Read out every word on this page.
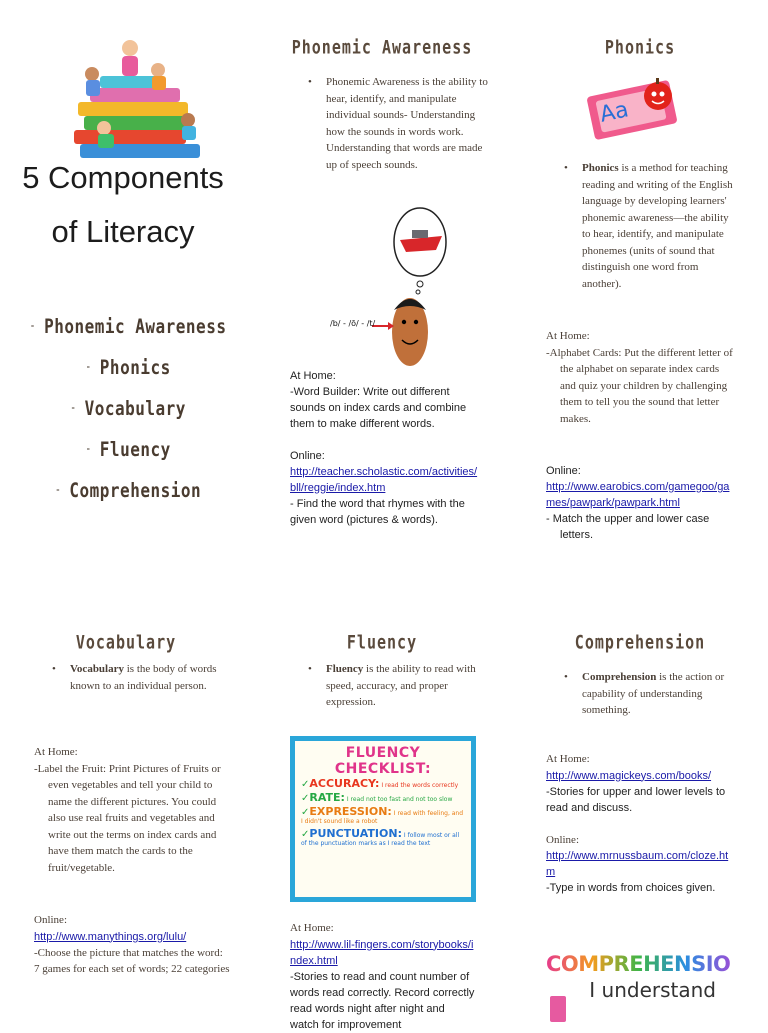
5 Components
of Literacy
- Phonemic Awareness
- Phonics
- Vocabulary
- Fluency
- Comprehension
Phonemic Awareness
•	Phonemic Awareness is the ability to hear, identify, and manipulate individual sounds- Understanding how the sounds in words work. Understanding that words are made up of speech sounds.
/b/ - /ō/ - /t/
At Home:
-Word Builder: Write out different sounds on index cards and combine them to make different words.
Online:
http://teacher.scholastic.com/activities/bll/reggie/index.htm
- Find the word that rhymes with the given word (pictures & words).
Phonics
Aa
•	Phonics is a method for teaching reading and writing of the English language by developing learners' phonemic awareness—the ability to hear, identify, and manipulate phonemes (units of sound that distinguish one word from another).
At Home:
-Alphabet Cards: Put the different letter of the alphabet on separate index cards and quiz your children by challenging them to tell you the sound that letter makes.
Online:
http://www.earobics.com/gamegoo/games/pawpark/pawpark.html
- Match the upper and lower case letters.
Vocabulary
•	Vocabulary is the body of words known to an individual person.
At Home:
-Label the Fruit: Print Pictures of Fruits or even vegetables and tell your child to name the different pictures. You could also use real fruits and vegetables and write out the terms on index cards and have them match the cards to the fruit/vegetable.
Online:
http://www.manythings.org/lulu/
-Choose the picture that matches the word: 7 games for each set of words; 22 categories
Fluency
•	Fluency is the ability to read with speed, accuracy, and proper expression.
FLUENCY CHECKLIST:
✓ACCURACY: I read the words correctly
✓RATE: I read not too fast and not too slow
✓EXPRESSION: I read with feeling, and I didn't sound like a robot
✓PUNCTUATION: I follow most or all of the punctuation marks as I read the text
At Home:
http://www.lil-fingers.com/storybooks/index.html
-Stories to read and count number of words read correctly. Record correctly read words night after night and watch for improvement
Comprehension
•	Comprehension is the action or capability of understanding something.
At Home:
http://www.magickeys.com/books/
-Stories for upper and lower levels to read and discuss.
Online:
http://www.mrnussbaum.com/cloze.htm
-Type in words from choices given.
COMPREHENSION
I understand
